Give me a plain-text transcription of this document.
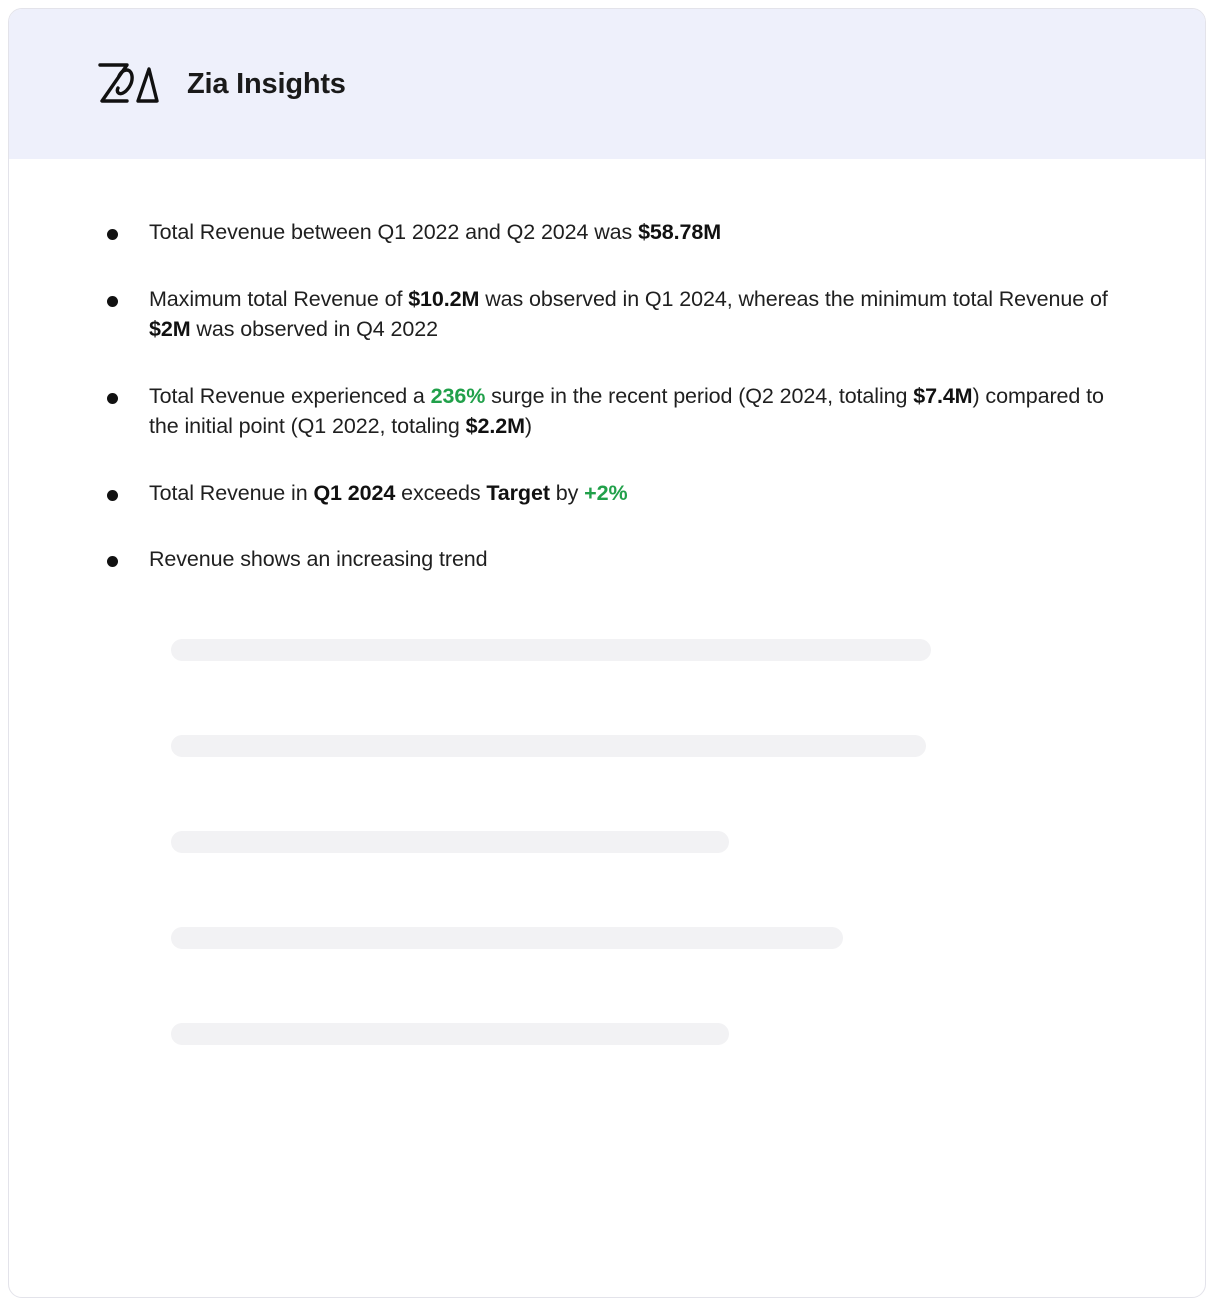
Zia Insights
Total Revenue between Q1 2022 and Q2 2024 was $58.78M
Maximum total Revenue of $10.2M was observed in Q1 2024, whereas the minimum total Revenue of $2M was observed in Q4 2022
Total Revenue experienced a 236% surge in the recent period (Q2 2024, totaling $7.4M) compared to the initial point (Q1 2022, totaling $2.2M)
Total Revenue in Q1 2024 exceeds Target by +2%
Revenue shows an increasing trend
